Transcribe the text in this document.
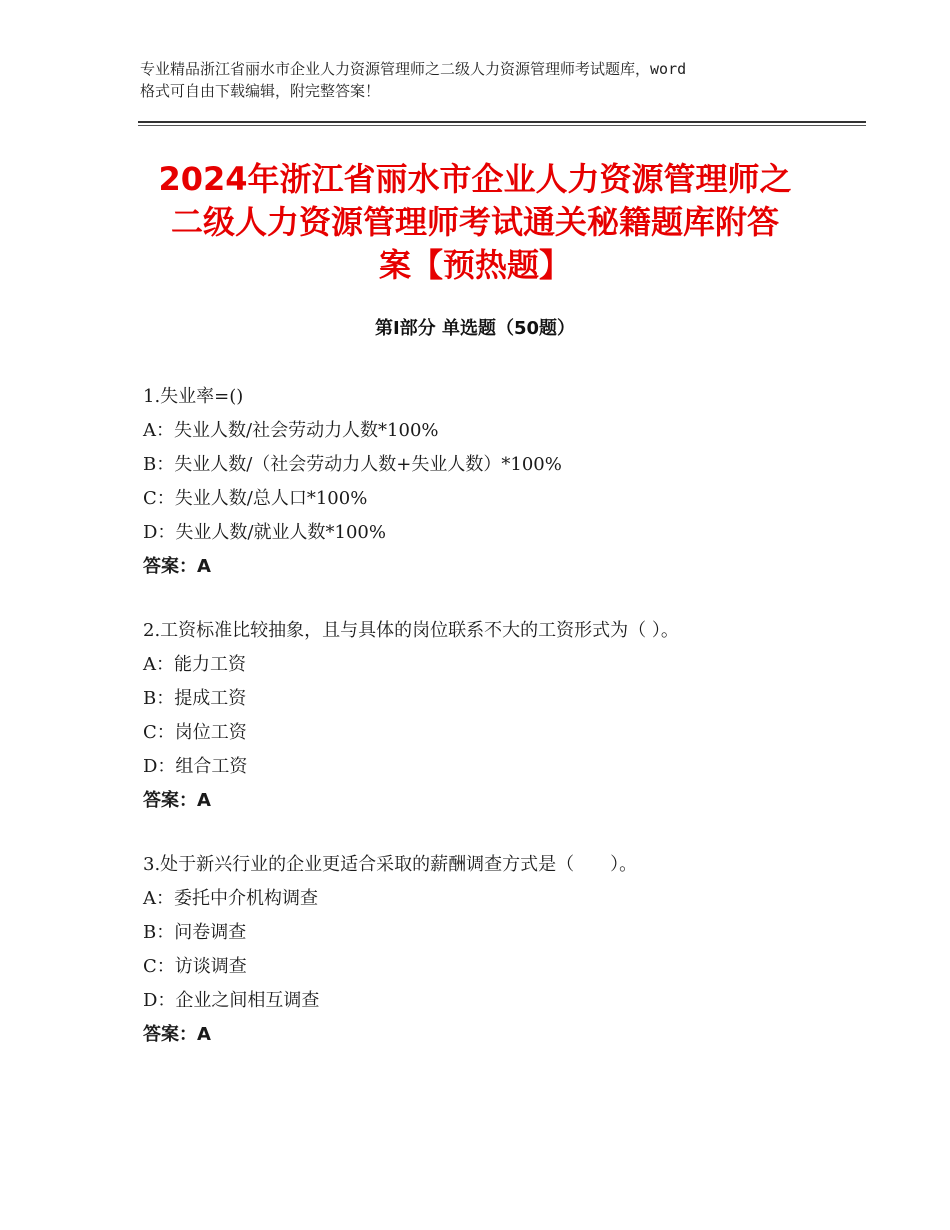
专业精品浙江省丽水市企业人力资源管理师之二级人力资源管理师考试题库，word
格式可自由下载编辑，附完整答案！
2024年浙江省丽水市企业人力资源管理师之
二级人力资源管理师考试通关秘籍题库附答
案【预热题】
第Ⅰ部分 单选题（50题）
1.失业率=()
A：失业人数/社会劳动力人数*100%
B：失业人数/（社会劳动力人数+失业人数）*100%
C：失业人数/总人口*100%
D：失业人数/就业人数*100%
答案：A
2.工资标准比较抽象，且与具体的岗位联系不大的工资形式为（ ）。
A：能力工资
B：提成工资
C：岗位工资
D：组合工资
答案：A
3.处于新兴行业的企业更适合采取的薪酬调查方式是（　　）。
A：委托中介机构调查
B：问卷调查
C：访谈调查
D：企业之间相互调查
答案：A
